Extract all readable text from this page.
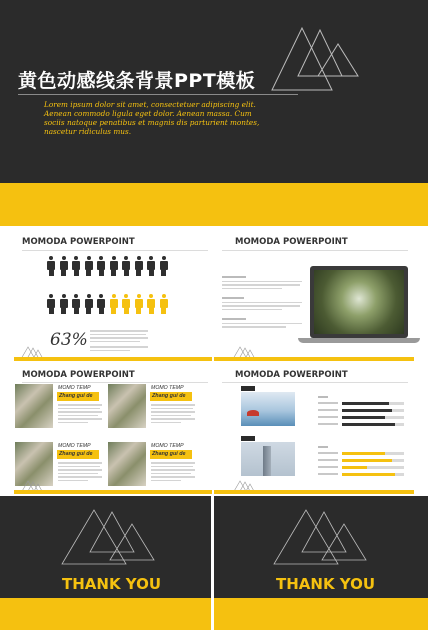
黄色动感线条背景PPT模板
Lorem ipsum dolor sit amet, consectetuer adipiscing elit. Aenean commodo ligula eget dolor. Aenean massa. Cum sociis natoque penatibus et magnis dis parturient montes, nascetur ridiculus mus.
MOMODA POWERPOINT
63%
MOMODA POWERPOINT
MOMODA POWERPOINT
MOMO TEMP
Zhang gui de
MOMO TEMP
Zhang gui de
MOMO TEMP
Zhang gui de
MOMO TEMP
Zhang gui de
MOMODA POWERPOINT
THANK YOU	THANK YOU
